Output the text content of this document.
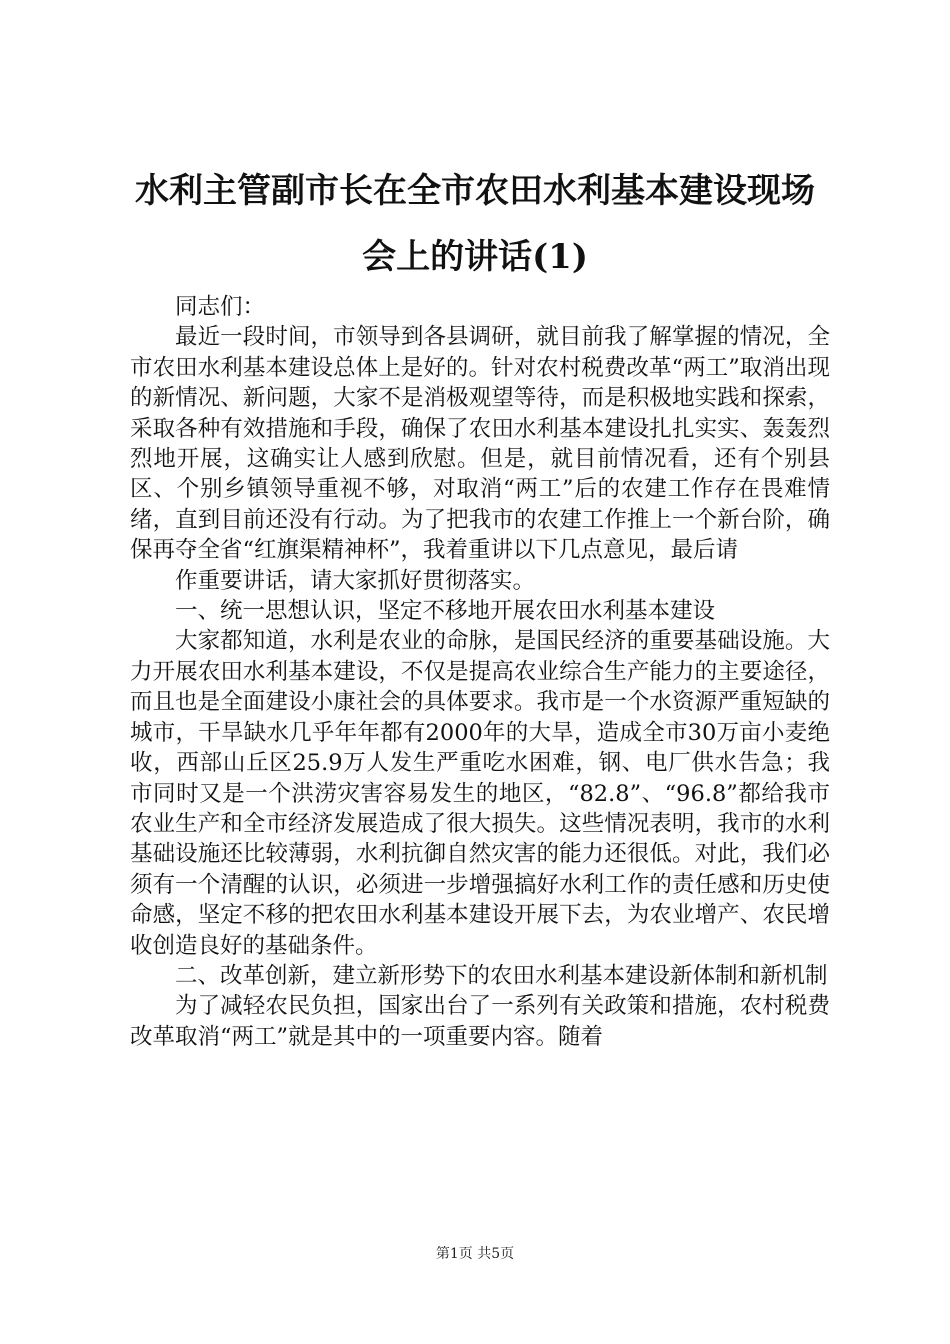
水利主管副市长在全市农田水利基本建设现场
会上的讲话(1)

同志们：

最近一段时间，市领导到各县调研，就目前我了解掌握的情况，全市农田水利基本建设总体上是好的。针对农村税费改革“两工”取消出现的新情况、新问题，大家不是消极观望等待，而是积极地实践和探索，采取各种有效措施和手段，确保了农田水利基本建设扎扎实实、轰轰烈烈地开展，这确实让人感到欣慰。但是，就目前情况看，还有个别县区、个别乡镇领导重视不够，对取消“两工”后的农建工作存在畏难情绪，直到目前还没有行动。为了把我市的农建工作推上一个新台阶，确保再夺全省“红旗渠精神杯”，我着重讲以下几点意见，最后请

作重要讲话，请大家抓好贯彻落实。

一、统一思想认识，坚定不移地开展农田水利基本建设

大家都知道，水利是农业的命脉，是国民经济的重要基础设施。大力开展农田水利基本建设，不仅是提高农业综合生产能力的主要途径，而且也是全面建设小康社会的具体要求。我市是一个水资源严重短缺的城市，干旱缺水几乎年年都有2000年的大旱，造成全市30万亩小麦绝收，西部山丘区25.9万人发生严重吃水困难，钢、电厂供水告急；我市同时又是一个洪涝灾害容易发生的地区，“82.8”、“96.8”都给我市农业生产和全市经济发展造成了很大损失。这些情况表明，我市的水利基础设施还比较薄弱，水利抗御自然灾害的能力还很低。对此，我们必须有一个清醒的认识，必须进一步增强搞好水利工作的责任感和历史使命感，坚定不移的把农田水利基本建设开展下去，为农业增产、农民增收创造良好的基础条件。

二、改革创新，建立新形势下的农田水利基本建设新体制和新机制

为了减轻农民负担，国家出台了一系列有关政策和措施，农村税费改革取消“两工”就是其中的一项重要内容。随着

第1页 共5页
